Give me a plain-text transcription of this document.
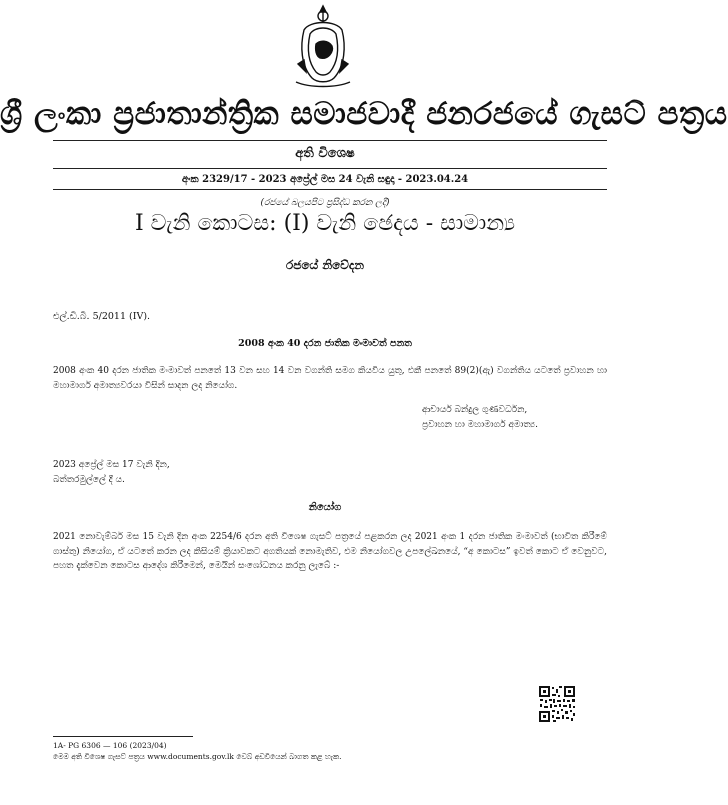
ශ්‍රී ලංකා ප්‍රජාතාන්ත්‍රික සමාජවාදී ජනරජයේ ගැසට් පත්‍රය
අති විශෙෂ
අංක 2329/17 - 2023 අප්‍රේල් මස 24 වැනි සඳුදා - 2023.04.24
(රජයේ බලයපිට ප්‍රසිද්ධ කරන ලදී)
I වැනි කොටස: (I) වැනි ඡෙදය - සාමාන්‍ය
රජයේ නිවේදන
එල්.ඩී.බී. 5/2011 (IV).
2008 අංක 40 දරන ජාතික මංමාවත් පනත
2008 අංක 40 දරන ජාතික මංමාවත් පනතේ 13 වන සහ 14 වන වගන්ති සමග කියවිය යුතු, එකී පනතේ 89(2)(ඇ) වගන්තිය යටතේ ප්‍රවාහන හා මහාමාර්ග අමාත්‍යවරයා විසින් සාදන ලද නියෝග.
ආචාර්ය බන්දුල ගුණවර්ධන,
ප්‍රවාහන හා මහාමාර්ග අමාත්‍ය.
2023 අප්‍රේල් මස 17 වැනි දින,
බත්තරමුල්ලේ දී ය.
නියෝග
2021 නොවැම්බර් මස 15 වැනි දින අංක 2254/6 දරන අති විශෙෂ ගැසට් පත්‍රයේ පළකරන ලද 2021 අංක 1 දරන ජාතික මංමාවත් (භාවිත කිරීමේ ගාස්තු) නියෝග, ඒ යටතේ කරන ලද කිසියම් ක්‍රියාවකට අගතියක් නොමැතිව, එම නියෝගවල උපලේඛනයේ, “අ කොටස” ඉවත් කොට ඒ වෙනුවට, පහත දැක්වෙන කොටස ආදේශ කිරීමෙන්, මෙයින් සංශෝධනය කරනු ලැබේ :-
1A- PG 6306 — 106 (2023/04)
මෙම අති විශෙෂ ගැසට් පත්‍රය www.documents.gov.lk වෙබ් අඩවියෙන් බාගත කළ හැක.
